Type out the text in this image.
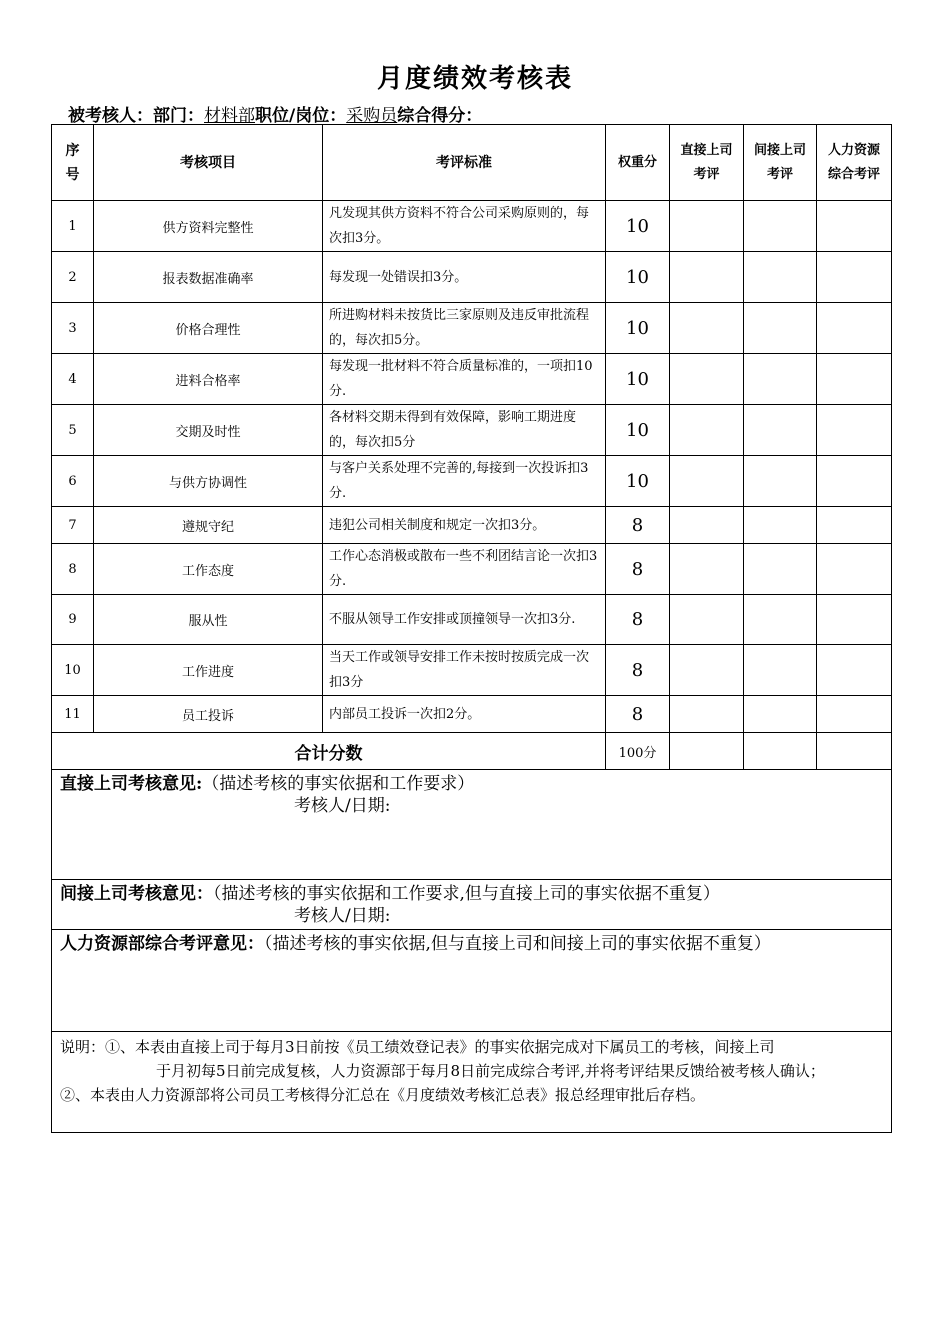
月度绩效考核表
被考核人：部门：材料部职位/岗位：采购员综合得分：
序号	考核项目	考评标准	权重分	直接上司考评	间接上司考评	人力资源综合考评
1	供方资料完整性	凡发现其供方资料不符合公司采购原则的，每次扣3分。	10			
2	报表数据准确率	每发现一处错误扣3分。	10			
3	价格合理性	所进购材料未按货比三家原则及违反审批流程的，每次扣5分。	10			
4	进料合格率	每发现一批材料不符合质量标准的，一项扣10分.	10			
5	交期及时性	各材料交期未得到有效保障，影响工期进度的，每次扣5分	10			
6	与供方协调性	与客户关系处理不完善的,每接到一次投诉扣3分.	10			
7	遵规守纪	违犯公司相关制度和规定一次扣3分。	8			
8	工作态度	工作心态消极或散布一些不利团结言论一次扣3分.	8			
9	服从性	不服从领导工作安排或顶撞领导一次扣3分.	8			
10	工作进度	当天工作或领导安排工作未按时按质完成一次扣3分	8			
11	员工投诉	内部员工投诉一次扣2分。	8			
合计分数			100分			

直接上司考核意见:（描述考核的事实依据和工作要求）
考核人/日期:						

间接上司考核意见：（描述考核的事实依据和工作要求,但与直接上司的事实依据不重复）
考核人/日期:						

人力资源部综合考评意见：（描述考核的事实依据,但与直接上司和间接上司的事实依据不重复）						

说明：①、本表由直接上司于每月3日前按《员工绩效登记表》的事实依据完成对下属员工的考核，间接上司
于月初每5日前完成复核，人力资源部于每月8日前完成综合考评,并将考评结果反馈给被考核人确认；
②、本表由人力资源部将公司员工考核得分汇总在《月度绩效考核汇总表》报总经理审批后存档。						
